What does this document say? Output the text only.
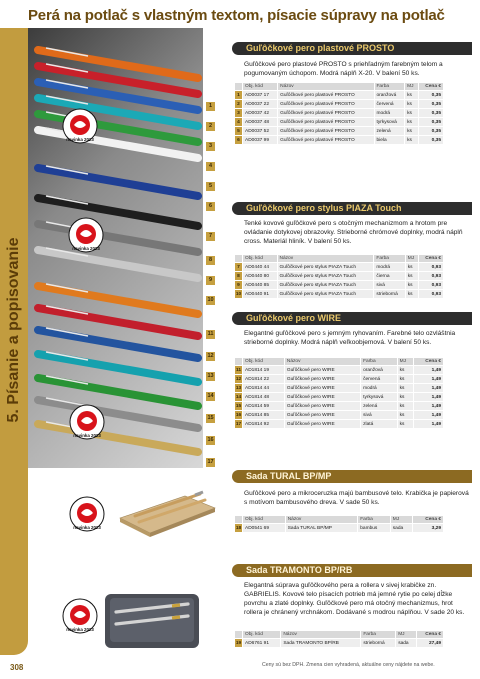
Perá na potlač s vlastným textom, písacie súpravy na potlač
5. Písanie a popisovanie
novinka 2023
novinka 2023
novinka 2023
1
2
3
4
5
6
7
8
9
10
11
12
13
14
15
16
17
Guľôčkové pero plastové PROSTO
Guľôčkové pero plastové PROSTO s priehľadným farebným telom a pogumovaným úchopom. Modrá náplň X-20. V balení 50 ks.
	Obj. kód	Názov	Farba	MJ	Cena €
1	AD0037 17	Guľôčkové pero plastové PROSTO	oranžová	ks	0,35
2	AD0037 22	Guľôčkové pero plastové PROSTO	červená	ks	0,35
3	AD0037 42	Guľôčkové pero plastové PROSTO	modrá	ks	0,35
4	AD0037 48	Guľôčkové pero plastové PROSTO	tyrkysová	ks	0,35
5	AD0037 52	Guľôčkové pero plastové PROSTO	zelená	ks	0,35
6	AD0037 99	Guľôčkové pero plastové PROSTO	biela	ks	0,35
Guľôčkové pero stylus PIAZA Touch
Tenké kovové guľôčkové pero s otočným mechanizmom a hrotom pre ovládanie dotykovej obrazovky. Strieborné chrómové doplnky, modrá náplň cross. Materiál hliník. V balení 50 ks.
	Obj. kód	Názov	Farba	MJ	Cena €
7	AD0440 44	Guľôčkové pero stylus PIAZA Touch	modrá	ks	0,93
8	AD0440 80	Guľôčkové pero stylus PIAZA Touch	čierna	ks	0,93
9	AD0440 85	Guľôčkové pero stylus PIAZA Touch	sivá	ks	0,93
10	AD0440 91	Guľôčkové pero stylus PIAZA Touch	strieborná	ks	0,93
Guľôčkové pero WIRE
Elegantné guľôčkové pero s jemným ryhovaním. Farebné telo ozvláštnia strieborné doplnky. Modrá náplň veľkoobjemová. V balení 50 ks.
	Obj. kód	Názov	Farba	MJ	Cena €
11	AD1814 19	Guľôčkové pero WIRE	oranžová	ks	1,49
12	AD1814 22	Guľôčkové pero WIRE	červená	ks	1,49
13	AD1814 44	Guľôčkové pero WIRE	modrá	ks	1,49
14	AD1814 48	Guľôčkové pero WIRE	tyrkysová	ks	1,49
15	AD1814 59	Guľôčkové pero WIRE	zelená	ks	1,49
16	AD1814 85	Guľôčkové pero WIRE	sivá	ks	1,49
17	AD1814 92	Guľôčkové pero WIRE	zlatá	ks	1,49
Sada TURAL BP/MP
Guľôčkové pero a mikroceruzka majú bambusové telo. Krabička je papierová s motívom bambusového dreva. V sade 50 ks.
	Obj. kód	Názov	Farba	MJ	Cena €
18	AD0541 69	Sada TURAL BP/MP	bambus	sada	3,29
Sada TRAMONTO BP/RB
Elegantná súprava guľôčkového pera a rollera v sivej krabičke zn. GABRIELIS. Kovové telo písacích potrieb má jemné rytie po celej dĺžke povrchu a zlaté doplnky. Guľôčkové pero má otočný mechanizmus, hrot rollera je chránený vrchnákom. Dodávané s modrou náplňou. V sade 20 ks.
	Obj. kód	Názov	Farba	MJ	Cena €
19	AD6761 91	Sada TRAMONTO BP/RB	strieborná	sada	27,49
novinka 2023
novinka 2023
Ceny sú bez DPH. Zmena cien vyhradená, aktuálne ceny nájdete na webe.
308
